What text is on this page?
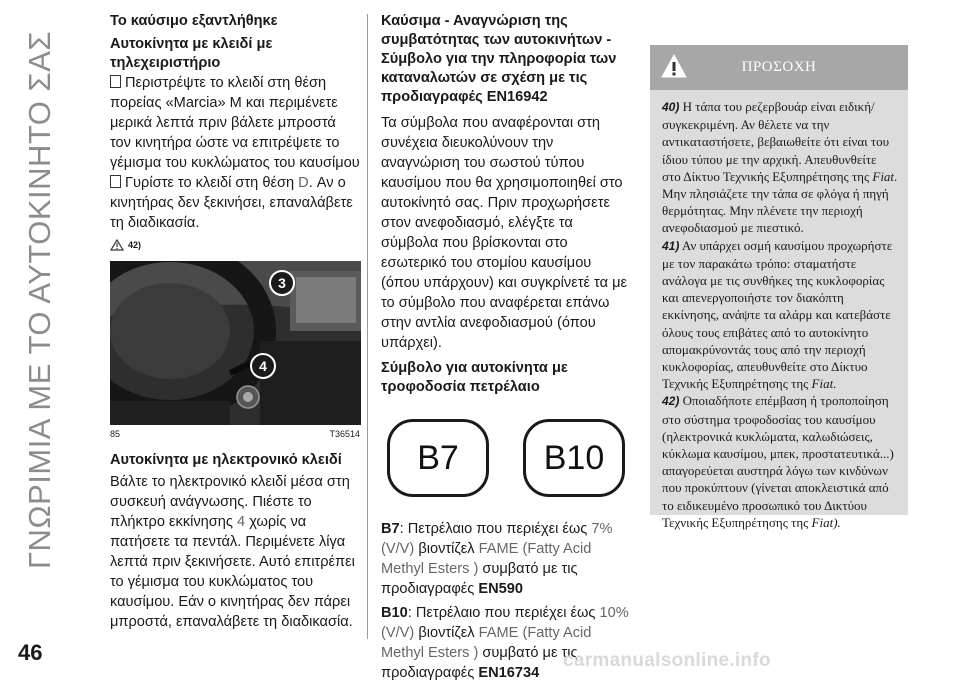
ΓΝΩΡΙΜΙΑ ΜΕ ΤΟ ΑΥΤΟΚΙΝΗΤΟ ΣΑΣ

Το καύσιμο εξαντλήθηκε

Αυτοκίνητα με κλειδί με τηλεχειριστήριο

Περιστρέψτε το κλειδί στη θέση πορείας «Marcia» M και περιμένετε μερικά λεπτά πριν βάλετε μπροστά τον κινητήρα ώστε να επιτρέψετε το γέμισμα του κυκλώματος του καυσίμου

Γυρίστε το κλειδί στη θέση D. Αν ο κινητήρας δεν ξεκινήσει, επαναλάβετε τη διαδικασία.

42)
3
4
85	T36514

Αυτοκίνητα με ηλεκτρονικό κλειδί

Βάλτε το ηλεκτρονικό κλειδί μέσα στη συσκευή ανάγνωσης. Πιέστε το πλήκτρο εκκίνησης 4 χωρίς να πατήσετε τα πεντάλ. Περιμένετε λίγα λεπτά πριν ξεκινήσετε. Αυτό επιτρέπει το γέμισμα του κυκλώματος του καυσίμου. Εάν ο κινητήρας δεν πάρει μπροστά, επαναλάβετε τη διαδικασία.

Καύσιμα - Αναγνώριση της συμβατότητας των αυτοκινήτων - Σύμβολο για την πληροφορία των καταναλωτών σε σχέση με τις προδιαγραφές EN16942

Τα σύμβολα που αναφέρονται στη συνέχεια διευκολύνουν την αναγνώριση του σωστού τύπου καυσίμου που θα χρησιμοποιηθεί στο αυτοκίνητό σας. Πριν προχωρήσετε στον ανεφοδιασμό, ελέγξτε τα σύμβολα που βρίσκονται στο εσωτερικό του στομίου καυσίμου (όπου υπάρχουν) και συγκρίνετέ τα με το σύμβολο που αναφέρεται επάνω στην αντλία ανεφοδιασμού (όπου υπάρχει).

Σύμβολο για αυτοκίνητα με τροφοδοσία πετρέλαιο

B7	B10

B7: Πετρέλαιο που περιέχει έως 7% (V/V) βιοντίζελ FAME (Fatty Acid Methyl Esters ) συμβατό με τις προδιαγραφές EN590

B10: Πετρέλαιο που περιέχει έως 10% (V/V) βιοντίζελ FAME (Fatty Acid Methyl Esters ) συμβατό με τις προδιαγραφές EN16734

ΠΡΟΣΟΧΗ

40) Η τάπα του ρεζερβουάρ είναι ειδική/συγκεκριμένη. Αν θέλετε να την αντικαταστήσετε, βεβαιωθείτε ότι είναι του ίδιου τύπου με την αρχική. Απευθυνθείτε στο Δίκτυο Τεχνικής Εξυπηρέτησης της Fiat. Μην πλησιάζετε την τάπα σε φλόγα ή πηγή θερμότητας. Μην πλένετε την περιοχή ανεφοδιασμού με πιεστικό.

41) Αν υπάρχει οσμή καυσίμου προχωρήστε με τον παρακάτω τρόπο: σταματήστε ανάλογα με τις συνθήκες της κυκλοφορίας και απενεργοποιήστε τον διακόπτη εκκίνησης, ανάψτε τα αλάρμ και κατεβάστε όλους τους επιβάτες από το αυτοκίνητο απομακρύνοντάς τους από την περιοχή κυκλοφορίας, απευθυνθείτε στο Δίκτυο Τεχνικής Εξυπηρέτησης της Fiat.

42) Οποιαδήποτε επέμβαση ή τροποποίηση στο σύστημα τροφοδοσίας του καυσίμου (ηλεκτρονικά κυκλώματα, καλωδιώσεις, κύκλωμα καυσίμου, μπεκ, προστατευτικά...) απαγορεύεται αυστηρά λόγω των κινδύνων που προκύπτουν (γίνεται αποκλειστικά από το ειδικευμένο προσωπικό του Δικτύου Τεχνικής Εξυπηρέτησης της Fiat).

46	carmanualsonline.info
